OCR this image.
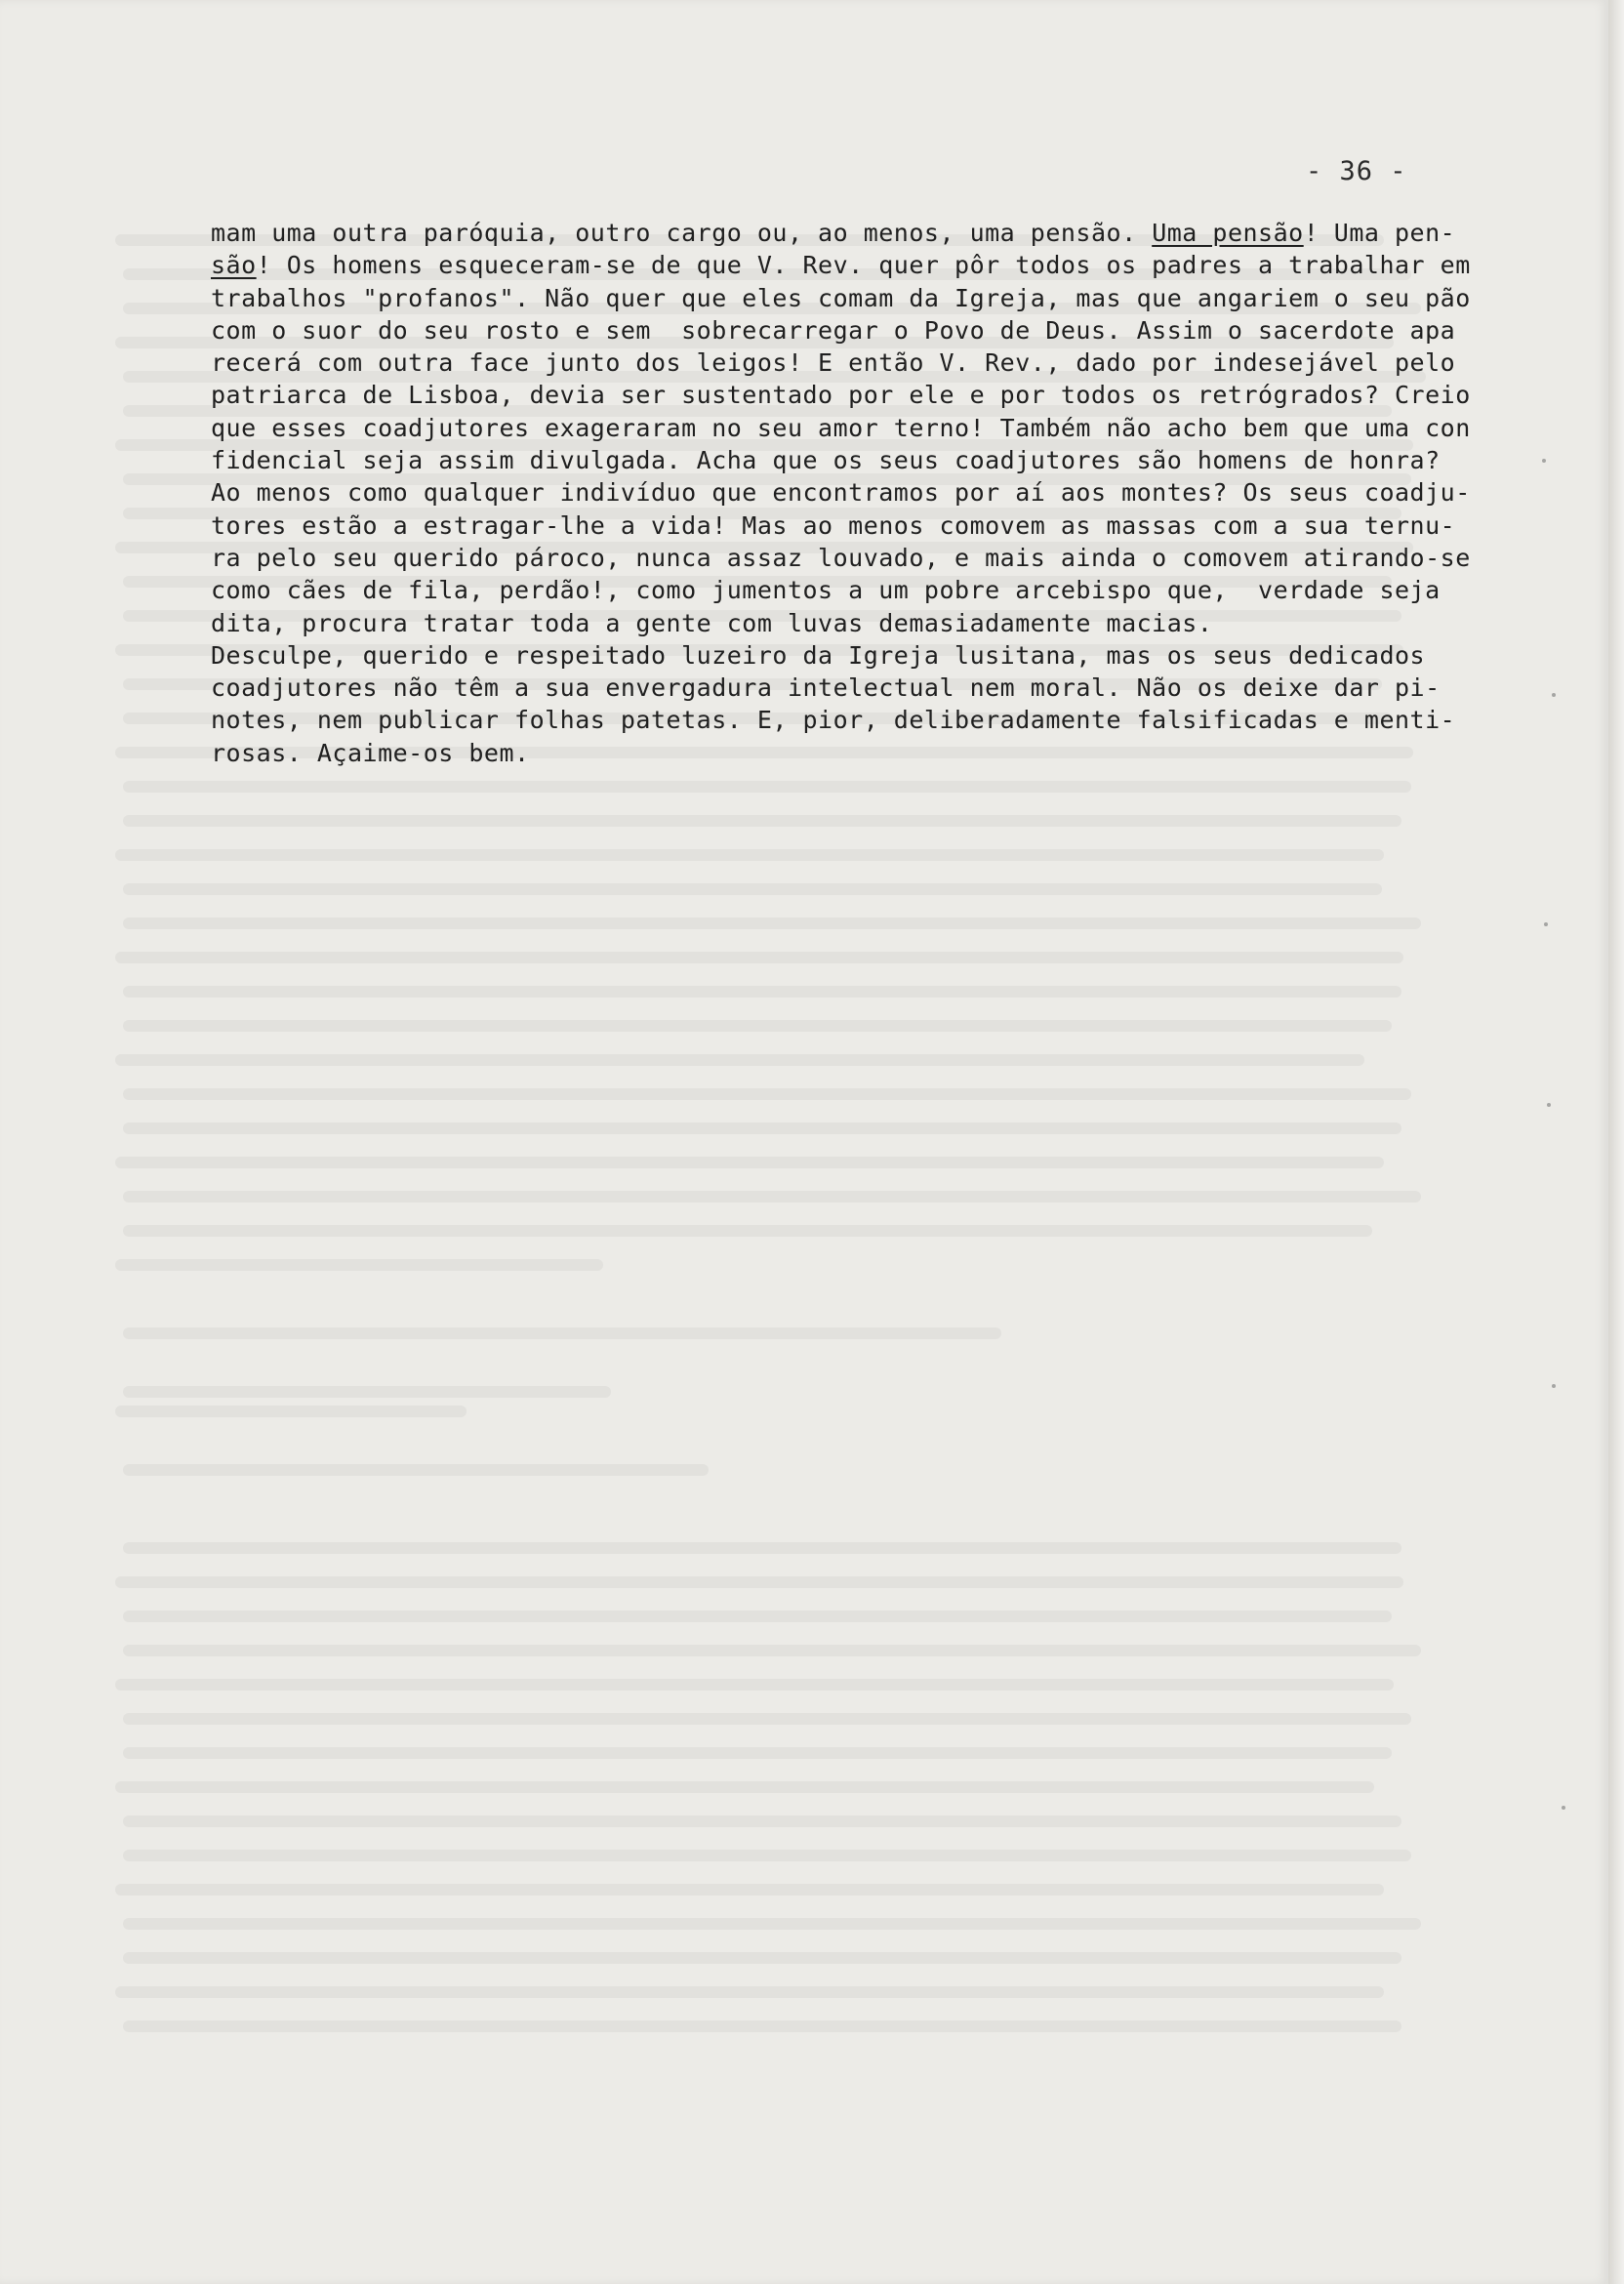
- 36 -
mam uma outra paróquia, outro cargo ou, ao menos, uma pensão. Uma pensão! Uma pen-
são! Os homens esqueceram-se de que V. Rev. quer pôr todos os padres a trabalhar em
trabalhos "profanos". Não quer que eles comam da Igreja, mas que angariem o seu pão
com o suor do seu rosto e sem  sobrecarregar o Povo de Deus. Assim o sacerdote apa
recerá com outra face junto dos leigos! E então V. Rev., dado por indesejável pelo
patriarca de Lisboa, devia ser sustentado por ele e por todos os retrógrados? Creio
que esses coadjutores exageraram no seu amor terno! Também não acho bem que uma con
fidencial seja assim divulgada. Acha que os seus coadjutores são homens de honra?
Ao menos como qualquer indivíduo que encontramos por aí aos montes? Os seus coadju-
tores estão a estragar-lhe a vida! Mas ao menos comovem as massas com a sua ternu-
ra pelo seu querido pároco, nunca assaz louvado, e mais ainda o comovem atirando-se
como cães de fila, perdão!, como jumentos a um pobre arcebispo que,  verdade seja
dita, procura tratar toda a gente com luvas demasiadamente macias.
Desculpe, querido e respeitado luzeiro da Igreja lusitana, mas os seus dedicados
coadjutores não têm a sua envergadura intelectual nem moral. Não os deixe dar pi-
notes, nem publicar folhas patetas. E, pior, deliberadamente falsificadas e menti-
rosas. Açaime-os bem.
